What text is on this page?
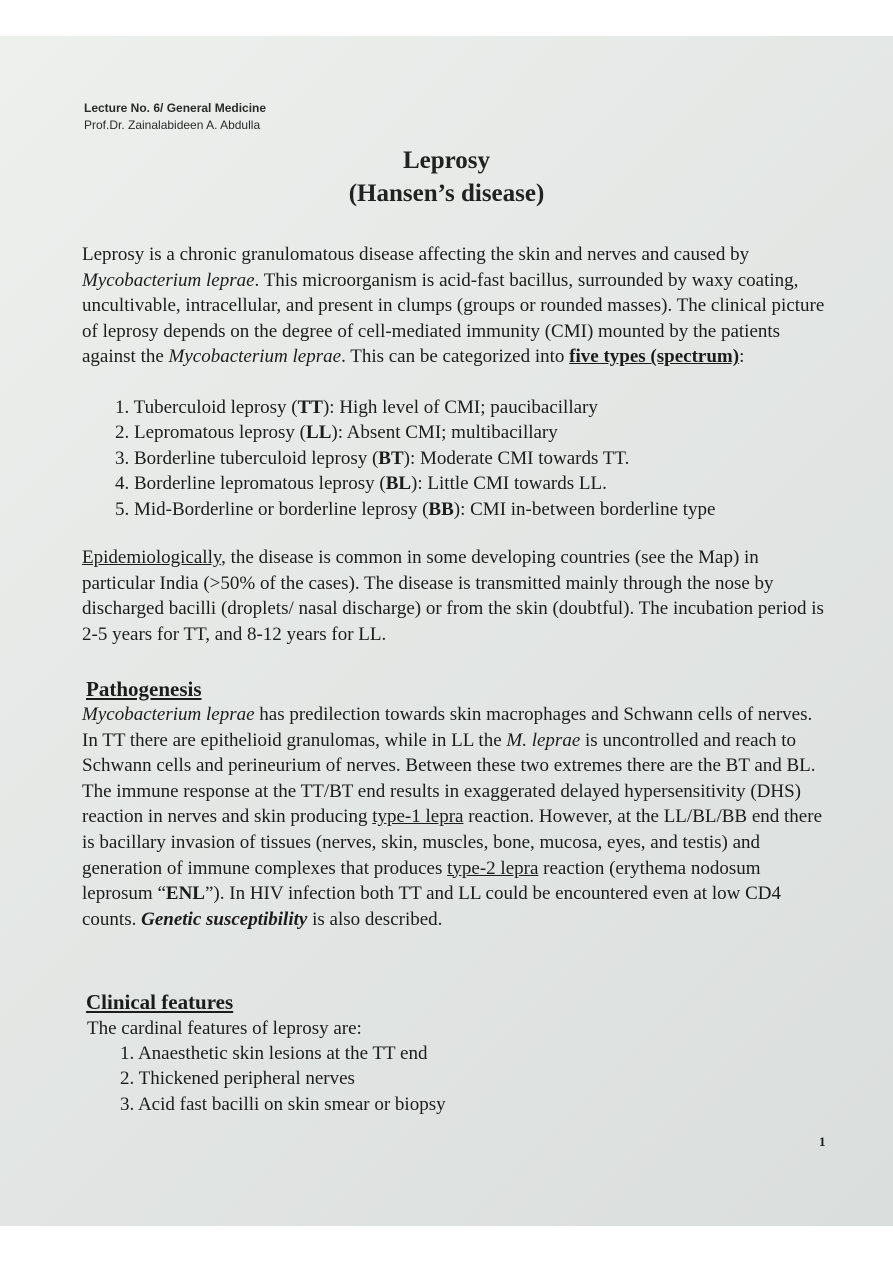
Lecture No. 6/ General Medicine
Prof.Dr. Zainalabideen A. Abdulla
Leprosy
(Hansen’s disease)

Leprosy is a chronic granulomatous disease affecting the skin and nerves and caused by Mycobacterium leprae. This microorganism is acid-fast bacillus, surrounded by waxy coating, uncultivable, intracellular, and present in clumps (groups or rounded masses). The clinical picture of leprosy depends on the degree of cell-mediated immunity (CMI) mounted by the patients against the Mycobacterium leprae. This can be categorized into five types (spectrum):

1. Tuberculoid leprosy (TT): High level of CMI; paucibacillary
2. Lepromatous leprosy (LL): Absent CMI; multibacillary
3. Borderline tuberculoid leprosy (BT): Moderate CMI towards TT.
4. Borderline lepromatous leprosy (BL): Little CMI towards LL.
5. Mid-Borderline or borderline leprosy (BB): CMI in-between borderline type

Epidemiologically, the disease is common in some developing countries (see the Map) in particular India (>50% of the cases). The disease is transmitted mainly through the nose by discharged bacilli (droplets/ nasal discharge) or from the skin (doubtful). The incubation period is 2-5 years for TT, and 8-12 years for LL.

Pathogenesis

Mycobacterium leprae has predilection towards skin macrophages and Schwann cells of nerves. In TT there are epithelioid granulomas, while in LL the M. leprae is uncontrolled and reach to Schwann cells and perineurium of nerves. Between these two extremes there are the BT and BL. The immune response at the TT/BT end results in exaggerated delayed hypersensitivity (DHS) reaction in nerves and skin producing type-1 lepra reaction. However, at the LL/BL/BB end there is bacillary invasion of tissues (nerves, skin, muscles, bone, mucosa, eyes, and testis) and generation of immune complexes that produces type-2 lepra reaction (erythema nodosum leprosum “ENL”). In HIV infection both TT and LL could be encountered even at low CD4 counts. Genetic susceptibility is also described.

Clinical features

The cardinal features of leprosy are:

1. Anaesthetic skin lesions at the TT end
2. Thickened peripheral nerves
3. Acid fast bacilli on skin smear or biopsy
1
